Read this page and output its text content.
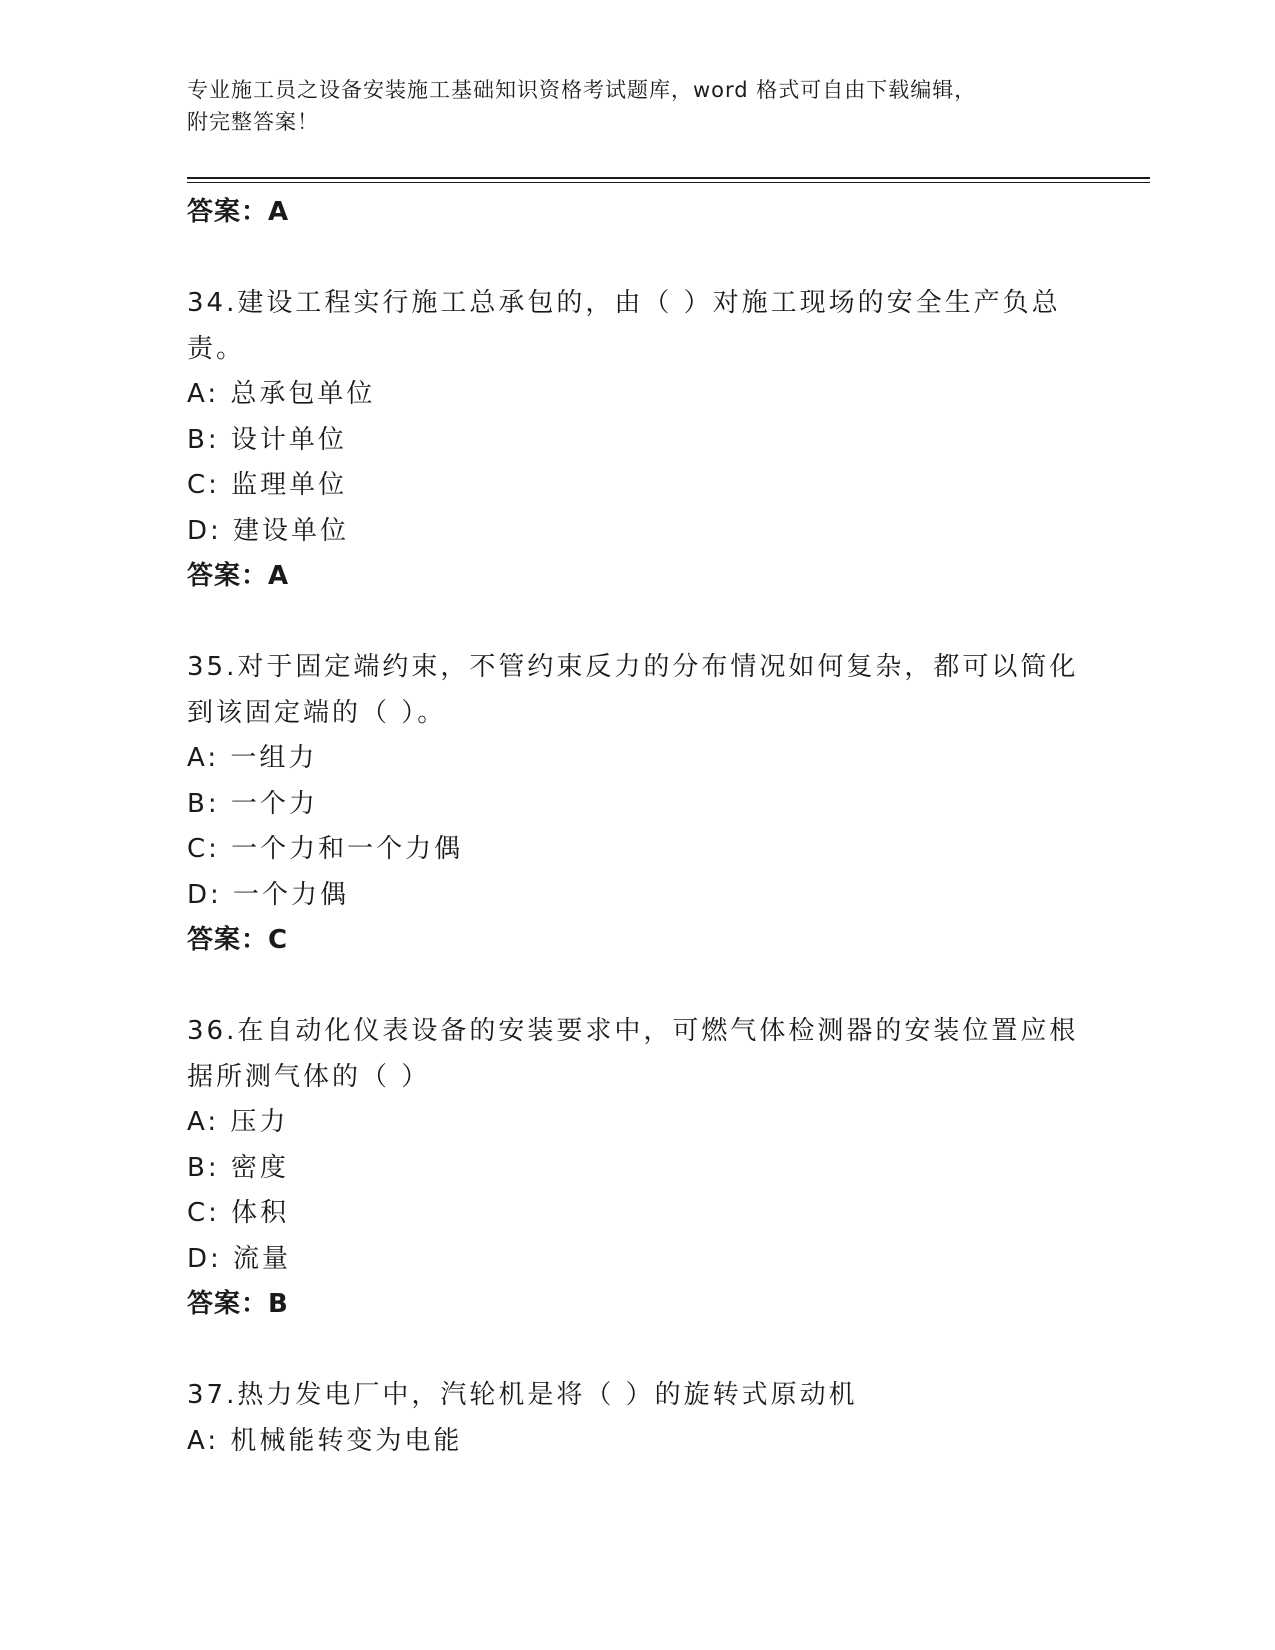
专业施工员之设备安装施工基础知识资格考试题库，word 格式可自由下载编辑，
附完整答案！
答案：A
34.建设工程实行施工总承包的，由（ ）对施工现场的安全生产负总
责。
A: 总承包单位
B: 设计单位
C: 监理单位
D: 建设单位
答案：A
35.对于固定端约束，不管约束反力的分布情况如何复杂，都可以简化
到该固定端的（ ）。
A: 一组力
B: 一个力
C: 一个力和一个力偶
D: 一个力偶
答案：C
36.在自动化仪表设备的安装要求中，可燃气体检测器的安装位置应根
据所测气体的（ ）
A: 压力
B: 密度
C: 体积
D: 流量
答案：B
37.热力发电厂中，汽轮机是将（ ）的旋转式原动机
A: 机械能转变为电能
